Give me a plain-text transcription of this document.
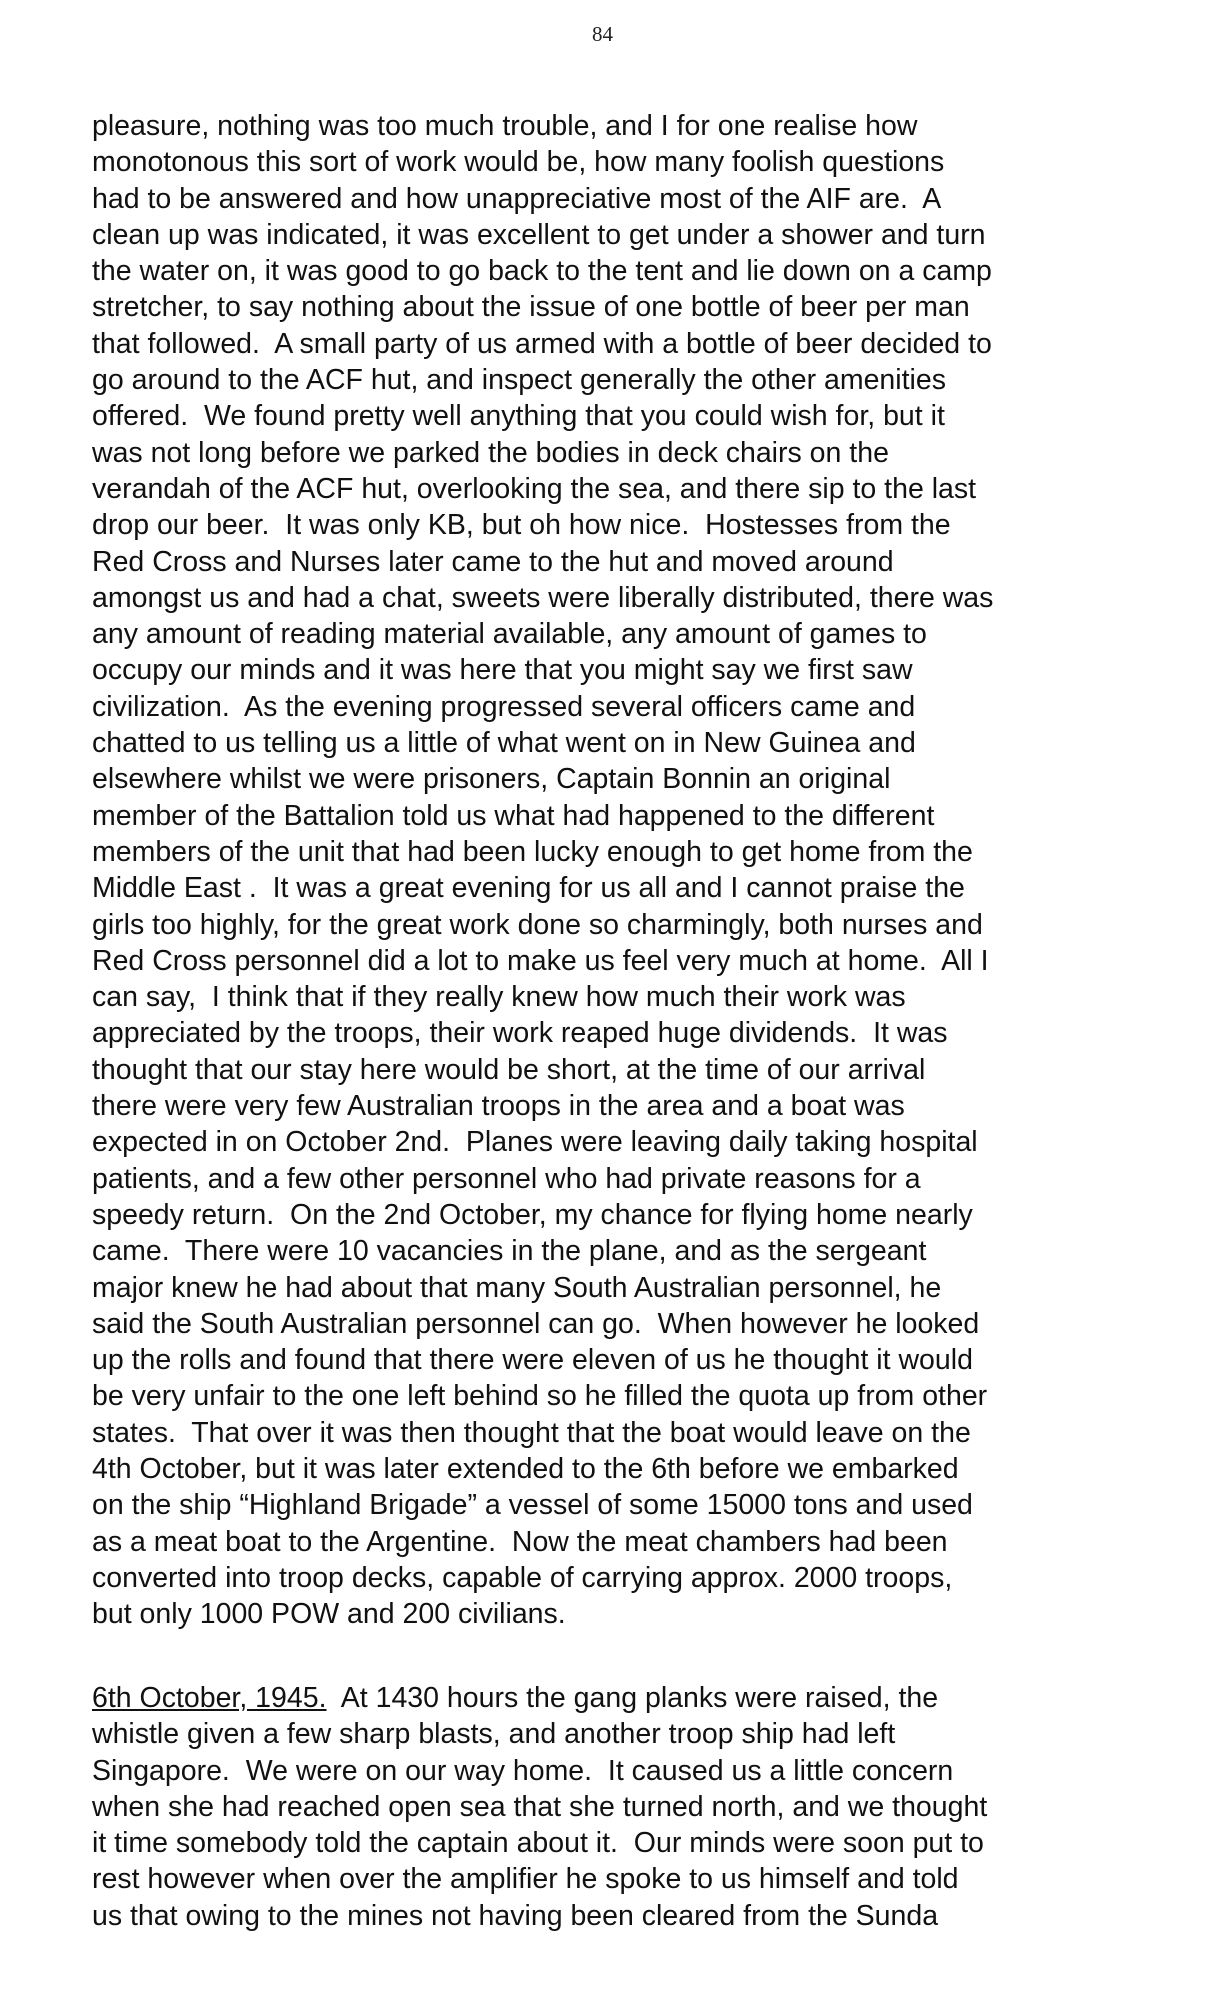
84
pleasure, nothing was too much trouble, and I for one realise how
monotonous this sort of work would be, how many foolish questions
had to be answered and how unappreciative most of the AIF are.  A
clean up was indicated, it was excellent to get under a shower and turn
the water on, it was good to go back to the tent and lie down on a camp
stretcher, to say nothing about the issue of one bottle of beer per man
that followed.  A small party of us armed with a bottle of beer decided to
go around to the ACF hut, and inspect generally the other amenities
offered.  We found pretty well anything that you could wish for, but it
was not long before we parked the bodies in deck chairs on the
verandah of the ACF hut, overlooking the sea, and there sip to the last
drop our beer.  It was only KB, but oh how nice.  Hostesses from the
Red Cross and Nurses later came to the hut and moved around
amongst us and had a chat, sweets were liberally distributed, there was
any amount of reading material available, any amount of games to
occupy our minds and it was here that you might say we first saw
civilization.  As the evening progressed several officers came and
chatted to us telling us a little of what went on in New Guinea and
elsewhere whilst we were prisoners, Captain Bonnin an original
member of the Battalion told us what had happened to the different
members of the unit that had been lucky enough to get home from the
Middle East .  It was a great evening for us all and I cannot praise the
girls too highly, for the great work done so charmingly, both nurses and
Red Cross personnel did a lot to make us feel very much at home.  All I
can say,  I think that if they really knew how much their work was
appreciated by the troops, their work reaped huge dividends.  It was
thought that our stay here would be short, at the time of our arrival
there were very few Australian troops in the area and a boat was
expected in on October 2nd.  Planes were leaving daily taking hospital
patients, and a few other personnel who had private reasons for a
speedy return.  On the 2nd October, my chance for flying home nearly
came.  There were 10 vacancies in the plane, and as the sergeant
major knew he had about that many South Australian personnel, he
said the South Australian personnel can go.  When however he looked
up the rolls and found that there were eleven of us he thought it would
be very unfair to the one left behind so he filled the quota up from other
states.  That over it was then thought that the boat would leave on the
4th October, but it was later extended to the 6th before we embarked
on the ship “Highland Brigade” a vessel of some 15000 tons and used
as a meat boat to the Argentine.  Now the meat chambers had been
converted into troop decks, capable of carrying approx. 2000 troops,
but only 1000 POW and 200 civilians.
6th October, 1945.  At 1430 hours the gang planks were raised, the
whistle given a few sharp blasts, and another troop ship had left
Singapore.  We were on our way home.  It caused us a little concern
when she had reached open sea that she turned north, and we thought
it time somebody told the captain about it.  Our minds were soon put to
rest however when over the amplifier he spoke to us himself and told
us that owing to the mines not having been cleared from the Sunda
